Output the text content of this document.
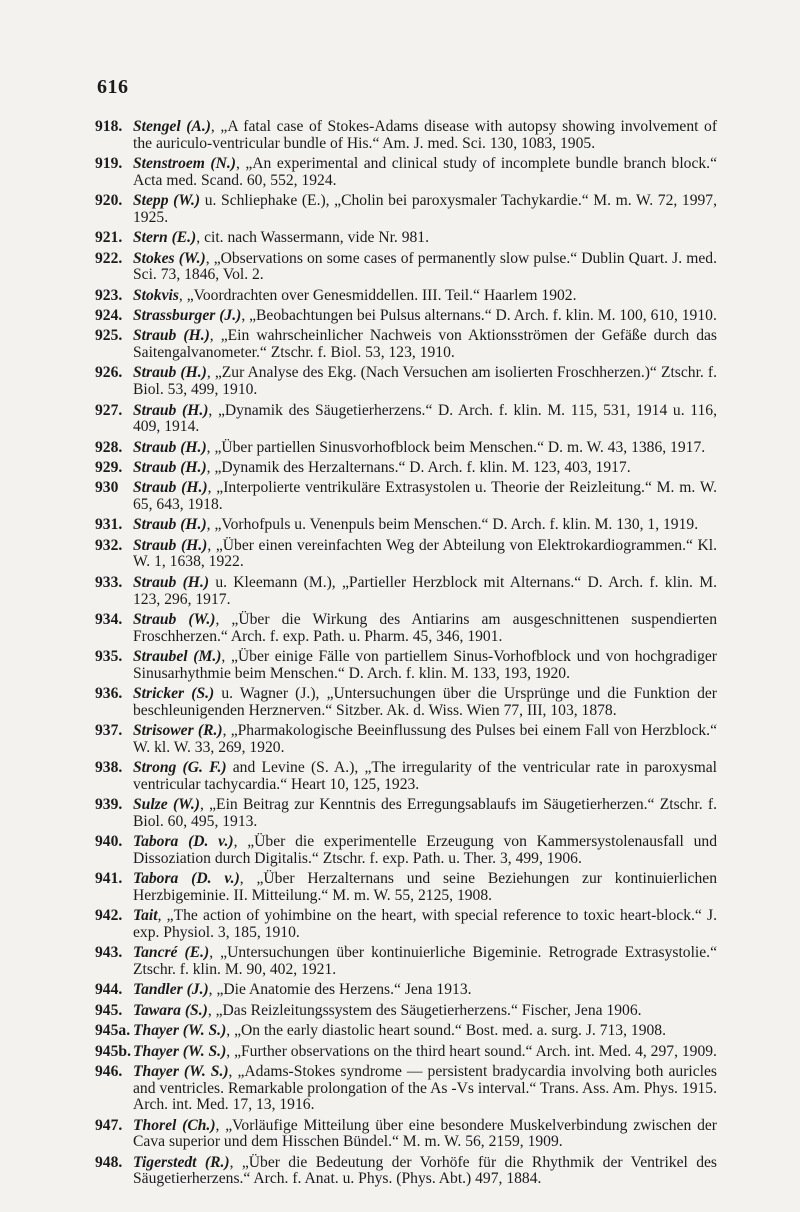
616
918. Stengel (A.), „A fatal case of Stokes-Adams disease with autopsy showing involvement of the auriculo-ventricular bundle of His.“ Am. J. med. Sci. 130, 1083, 1905.
919. Stenstroem (N.), „An experimental and clinical study of incomplete bundle branch block.“ Acta med. Scand. 60, 552, 1924.
920. Stepp (W.) u. Schliephake (E.), „Cholin bei paroxysmaler Tachykardie.“ M. m. W. 72, 1997, 1925.
921. Stern (E.), cit. nach Wassermann, vide Nr. 981.
922. Stokes (W.), „Observations on some cases of permanently slow pulse.“ Dublin Quart. J. med. Sci. 73, 1846, Vol. 2.
923. Stokvis, „Voordrachten over Genesmiddellen. III. Teil.“ Haarlem 1902.
924. Strassburger (J.), „Beobachtungen bei Pulsus alternans.“ D. Arch. f. klin. M. 100, 610, 1910.
925. Straub (H.), „Ein wahrscheinlicher Nachweis von Aktionsströmen der Gefäße durch das Saitengalvanometer.“ Ztschr. f. Biol. 53, 123, 1910.
926. Straub (H.), „Zur Analyse des Ekg. (Nach Versuchen am isolierten Froschherzen.)“ Ztschr. f. Biol. 53, 499, 1910.
927. Straub (H.), „Dynamik des Säugetierherzens.“ D. Arch. f. klin. M. 115, 531, 1914 u. 116, 409, 1914.
928. Straub (H.), „Über partiellen Sinusvorhofblock beim Menschen.“ D. m. W. 43, 1386, 1917.
929. Straub (H.), „Dynamik des Herzalternans.“ D. Arch. f. klin. M. 123, 403, 1917.
930 Straub (H.), „Interpolierte ventrikuläre Extrasystolen u. Theorie der Reizleitung.“ M. m. W. 65, 643, 1918.
931. Straub (H.), „Vorhofpuls u. Venenpuls beim Menschen.“ D. Arch. f. klin. M. 130, 1, 1919.
932. Straub (H.), „Über einen vereinfachten Weg der Abteilung von Elektrokardiogrammen.“ Kl. W. 1, 1638, 1922.
933. Straub (H.) u. Kleemann (M.), „Partieller Herzblock mit Alternans.“ D. Arch. f. klin. M. 123, 296, 1917.
934. Straub (W.), „Über die Wirkung des Antiarins am ausgeschnittenen suspendierten Froschherzen.“ Arch. f. exp. Path. u. Pharm. 45, 346, 1901.
935. Straubel (M.), „Über einige Fälle von partiellem Sinus-Vorhofblock und von hochgradiger Sinusarhythmie beim Menschen.“ D. Arch. f. klin. M. 133, 193, 1920.
936. Stricker (S.) u. Wagner (J.), „Untersuchungen über die Ursprünge und die Funktion der beschleunigenden Herznerven.“ Sitzber. Ak. d. Wiss. Wien 77, III, 103, 1878.
937. Strisower (R.), „Pharmakologische Beeinflussung des Pulses bei einem Fall von Herzblock.“ W. kl. W. 33, 269, 1920.
938. Strong (G. F.) and Levine (S. A.), „The irregularity of the ventricular rate in paroxysmal ventricular tachycardia.“ Heart 10, 125, 1923.
939. Sulze (W.), „Ein Beitrag zur Kenntnis des Erregungsablaufs im Säugetierherzen.“ Ztschr. f. Biol. 60, 495, 1913.
940. Tabora (D. v.), „Über die experimentelle Erzeugung von Kammersystolenausfall und Dissoziation durch Digitalis.“ Ztschr. f. exp. Path. u. Ther. 3, 499, 1906.
941. Tabora (D. v.), „Über Herzalternans und seine Beziehungen zur kontinuierlichen Herzbigeminie. II. Mitteilung.“ M. m. W. 55, 2125, 1908.
942. Tait, „The action of yohimbine on the heart, with special reference to toxic heart-block.“ J. exp. Physiol. 3, 185, 1910.
943. Tancré (E.), „Untersuchungen über kontinuierliche Bigeminie. Retrograde Extrasystolie.“ Ztschr. f. klin. M. 90, 402, 1921.
944. Tandler (J.), „Die Anatomie des Herzens.“ Jena 1913.
945. Tawara (S.), „Das Reizleitungssystem des Säugetierherzens.“ Fischer, Jena 1906.
945a. Thayer (W. S.), „On the early diastolic heart sound.“ Bost. med. a. surg. J. 713, 1908.
945b. Thayer (W. S.), „Further observations on the third heart sound.“ Arch. int. Med. 4, 297, 1909.
946. Thayer (W. S.), „Adams-Stokes syndrome — persistent bradycardia involving both auricles and ventricles. Remarkable prolongation of the As -Vs interval.“ Trans. Ass. Am. Phys. 1915. Arch. int. Med. 17, 13, 1916.
947. Thorel (Ch.), „Vorläufige Mitteilung über eine besondere Muskelverbindung zwischen der Cava superior und dem Hisschen Bündel.“ M. m. W. 56, 2159, 1909.
948. Tigerstedt (R.), „Über die Bedeutung der Vorhöfe für die Rhythmik der Ventrikel des Säugetierherzens.“ Arch. f. Anat. u. Phys. (Phys. Abt.) 497, 1884.
